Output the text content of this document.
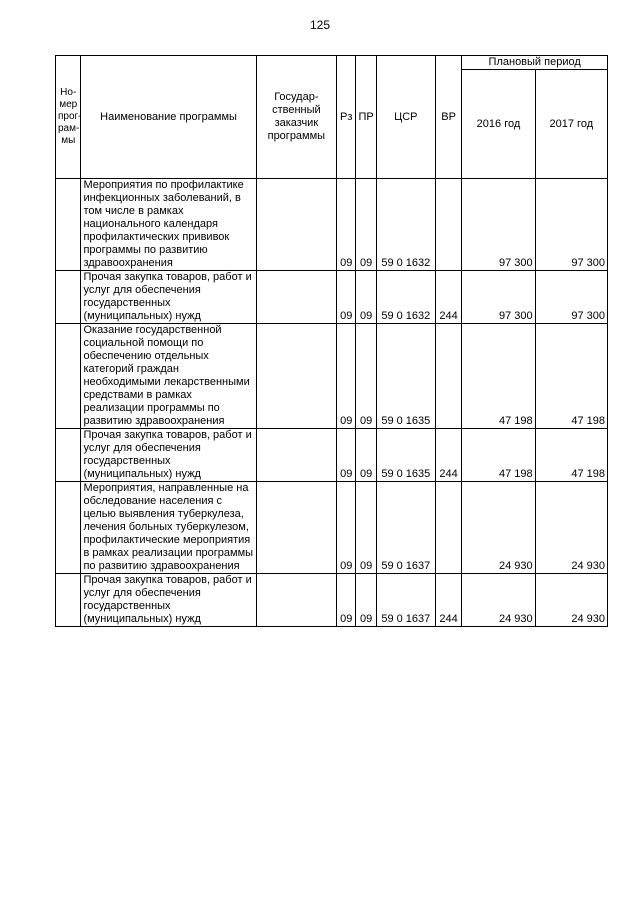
125
Но-
мер
прог-
рам-
мы	Наименование программы	Государ-
ственный
заказчик
программы	Рз	ПР	ЦСР	ВР	Плановый период	
							2016 год	2017 год
	Мероприятия по профилактике инфекционных заболеваний, в том числе в рамках национального календаря профилактических прививок программы по развитию здравоохранения		09	09	59 0 1632		97 300	97 300
	Прочая закупка товаров, работ и услуг для обеспечения государственных (муниципальных) нужд		09	09	59 0 1632	244	97 300	97 300
	Оказание государственной социальной помощи по обеспечению отдельных категорий граждан необходимыми лекарственными средствами в рамках реализации программы по развитию здравоохранения		09	09	59 0 1635		47 198	47 198
	Прочая закупка товаров, работ и услуг для обеспечения государственных (муниципальных) нужд		09	09	59 0 1635	244	47 198	47 198
	Мероприятия, направленные на обследование населения с целью выявления туберкулеза, лечения больных туберкулезом, профилактические мероприятия в рамках реализации программы по развитию здравоохранения		09	09	59 0 1637		24 930	24 930
	Прочая закупка товаров, работ и услуг для обеспечения государственных (муниципальных) нужд		09	09	59 0 1637	244	24 930	24 930
